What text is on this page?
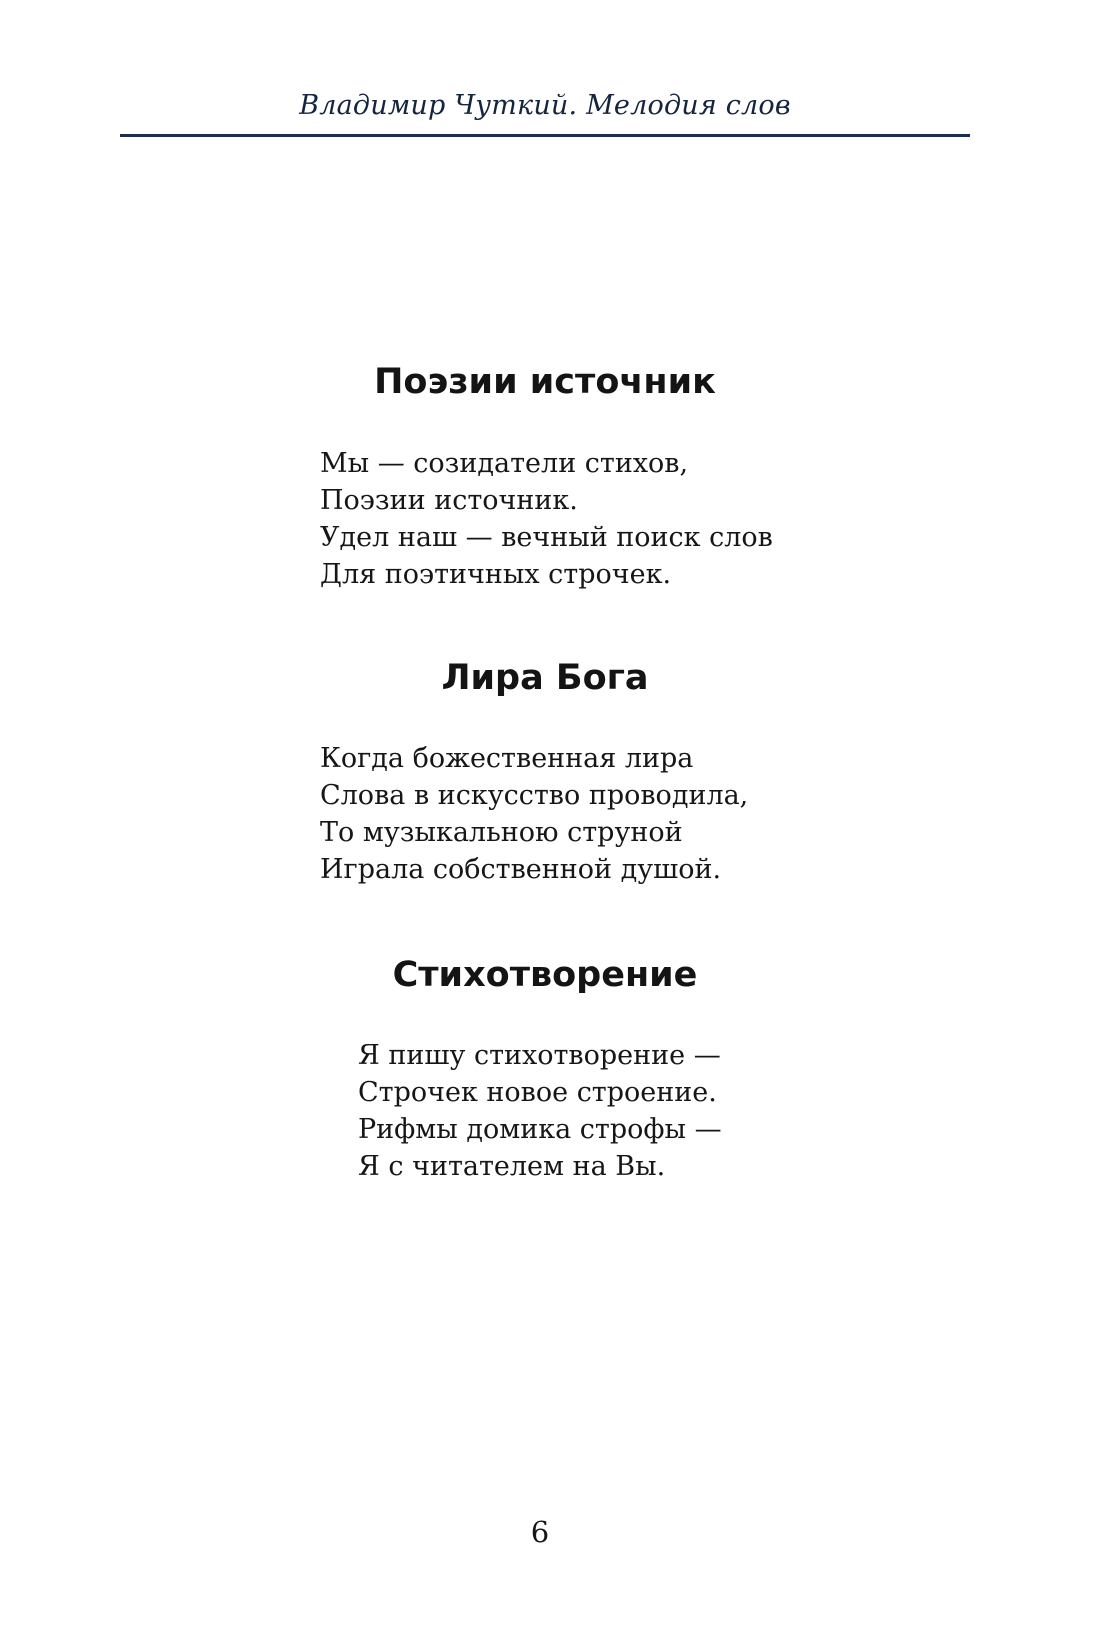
Владимир Чуткий. Мелодия слов
Поэзии источник
Мы — созидатели стихов,
Поэзии источник.
Удел наш — вечный поиск слов
Для поэтичных строчек.
Лира Бога
Когда божественная лира
Слова в искусство проводила,
То музыкальною струной
Играла собственной душой.
Стихотворение
Я пишу стихотворение —
Строчек новое строение.
Рифмы домика строфы —
Я с читателем на Вы.
6
